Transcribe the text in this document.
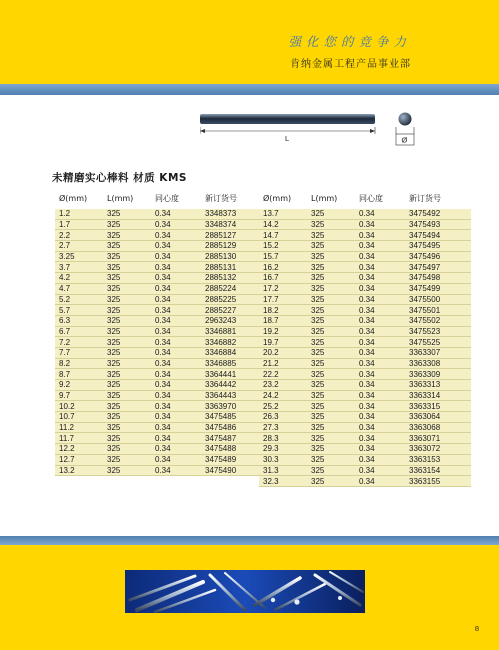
强化您的竞争力
肯纳金属工程产品事业部
L	Ø
未精磨实心棒料 材质 KMS
Ø(mm)	L(mm)	同心度	新订货号
1.2	325	0.34	3348373
1.7	325	0.34	3348374
2.2	325	0.34	2885127
2.7	325	0.34	2885129
3.25	325	0.34	2885130
3.7	325	0.34	2885131
4.2	325	0.34	2885132
4.7	325	0.34	2885224
5.2	325	0.34	2885225
5.7	325	0.34	2885227
6.3	325	0.34	2963243
6.7	325	0.34	3346881
7.2	325	0.34	3346882
7.7	325	0.34	3346884
8.2	325	0.34	3346885
8.7	325	0.34	3364441
9.2	325	0.34	3364442
9.7	325	0.34	3364443
10.2	325	0.34	3363970
10.7	325	0.34	3475485
11.2	325	0.34	3475486
11.7	325	0.34	3475487
12.2	325	0.34	3475488
12.7	325	0.34	3475489
13.2	325	0.34	3475490
Ø(mm)	L(mm)	同心度	新订货号
13.7	325	0.34	3475492
14.2	325	0.34	3475493
14.7	325	0.34	3475494
15.2	325	0.34	3475495
15.7	325	0.34	3475496
16.2	325	0.34	3475497
16.7	325	0.34	3475498
17.2	325	0.34	3475499
17.7	325	0.34	3475500
18.2	325	0.34	3475501
18.7	325	0.34	3475502
19.2	325	0.34	3475523
19.7	325	0.34	3475525
20.2	325	0.34	3363307
21.2	325	0.34	3363308
22.2	325	0.34	3363309
23.2	325	0.34	3363313
24.2	325	0.34	3363314
25.2	325	0.34	3363315
26.3	325	0.34	3363064
27.3	325	0.34	3363068
28.3	325	0.34	3363071
29.3	325	0.34	3363072
30.3	325	0.34	3363153
31.3	325	0.34	3363154
32.3	325	0.34	3363155
8
